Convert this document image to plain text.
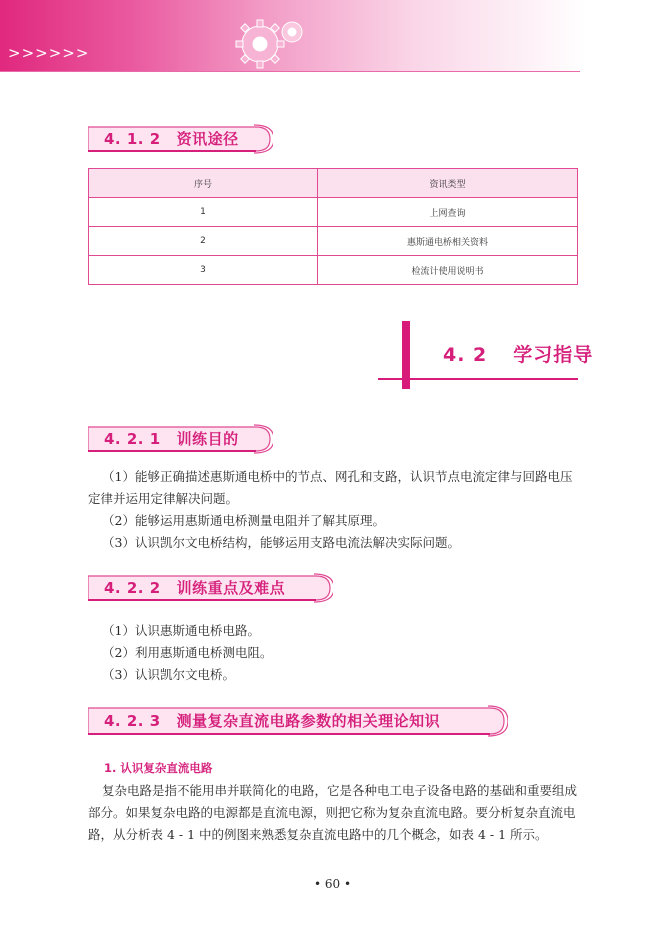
>>>>>>
4. 1. 2 资讯途径
序号	资讯类型
1	上网查询
2	惠斯通电桥相关资料
3	检流计使用说明书
4. 2 学习指导
4. 2. 1 训练目的

（1）能够正确描述惠斯通电桥中的节点、网孔和支路，认识节点电流定律与回路电压定律并运用定律解决问题。

（2）能够运用惠斯通电桥测量电阻并了解其原理。

（3）认识凯尔文电桥结构，能够运用支路电流法解决实际问题。

4. 2. 2 训练重点及难点

（1）认识惠斯通电桥电路。

（2）利用惠斯通电桥测电阻。

（3）认识凯尔文电桥。

4. 2. 3 测量复杂直流电路参数的相关理论知识
1. 认识复杂直流电路

复杂电路是指不能用串并联简化的电路，它是各种电工电子设备电路的基础和重要组成部分。如果复杂电路的电源都是直流电源，则把它称为复杂直流电路。要分析复杂直流电路，从分析表 4 - 1 中的例图来熟悉复杂直流电路中的几个概念，如表 4 - 1 所示。

• 60 •
